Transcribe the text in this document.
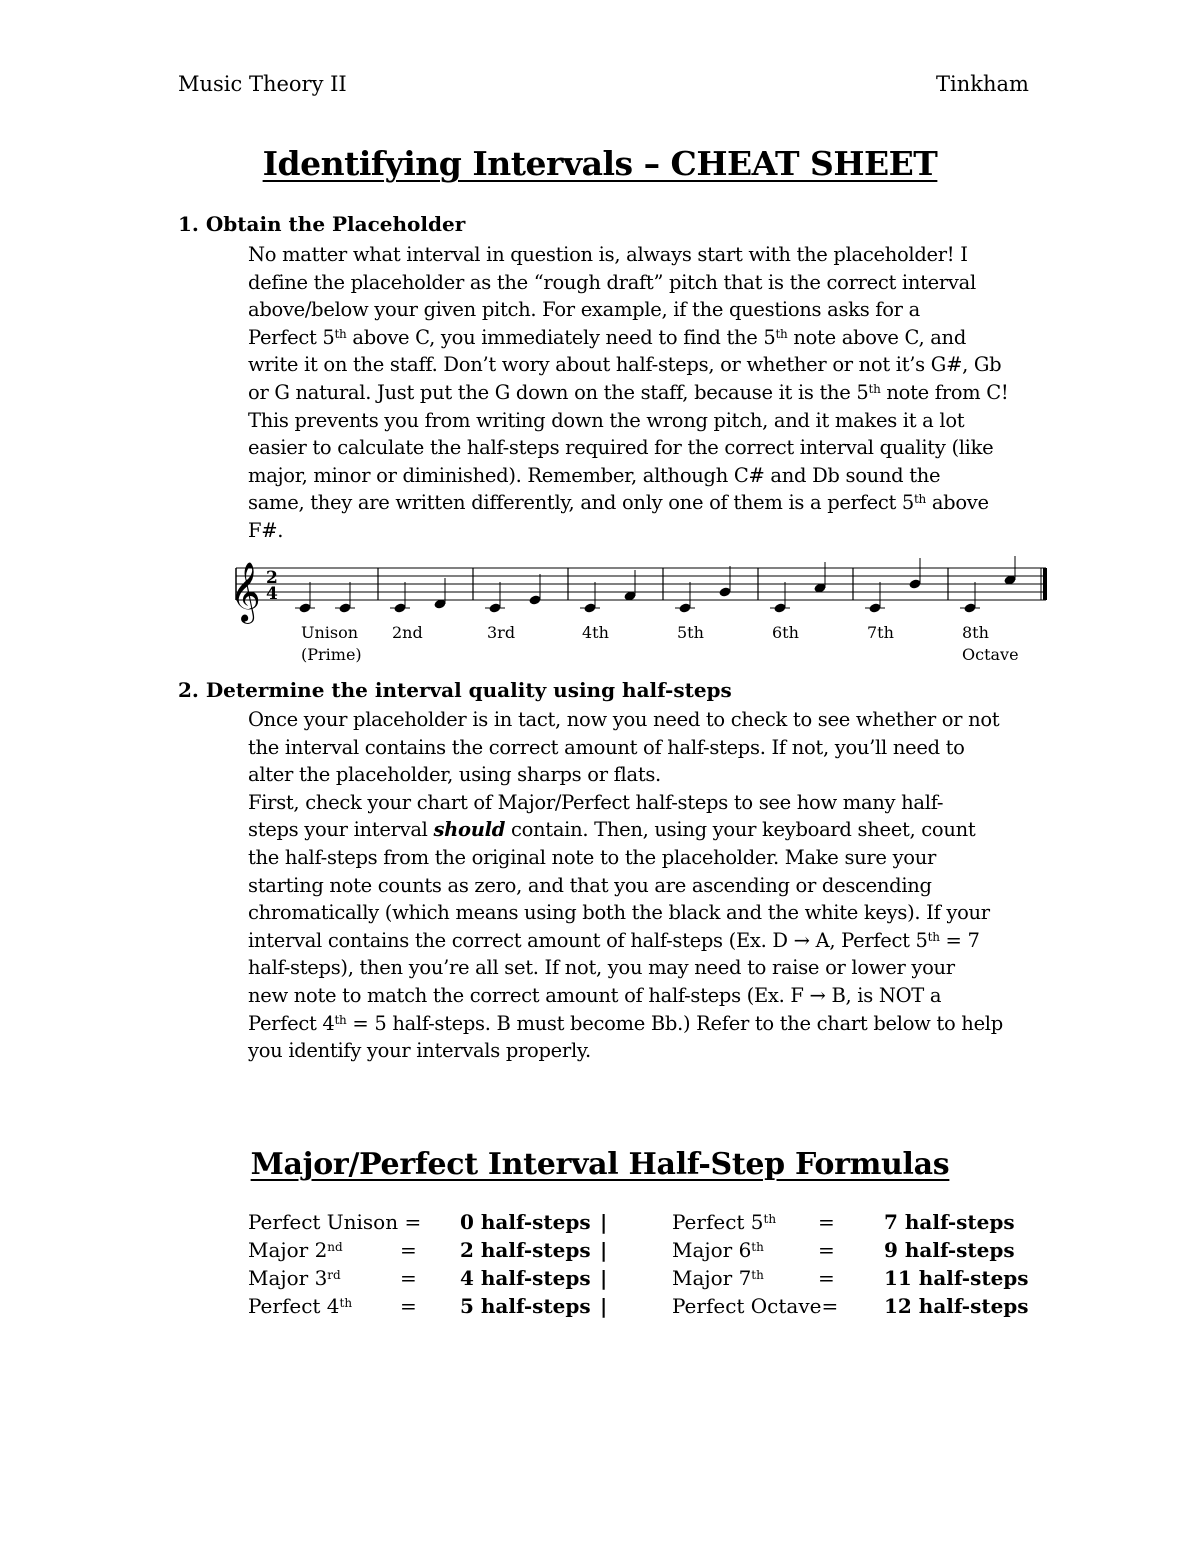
Music Theory II	Tinkham
Identifying Intervals – CHEAT SHEET
1. Obtain the Placeholder
No matter what interval in question is, always start with the placeholder! I
define the placeholder as the “rough draft” pitch that is the correct interval
above/below your given pitch. For example, if the questions asks for a
Perfect 5th above C, you immediately need to find the 5th note above C, and
write it on the staff. Don’t wory about half-steps, or whether or not it’s G#, Gb
or G natural. Just put the G down on the staff, because it is the 5th note from C!
This prevents you from writing down the wrong pitch, and it makes it a lot
easier to calculate the half-steps required for the correct interval quality (like
major, minor or diminished). Remember, although C# and Db sound the
same, they are written differently, and only one of them is a perfect 5th above
F#.
𝄞 2
4
Unison
(Prime)
2nd	3rd	4th	5th	6th	7th	8th
Octave
2. Determine the interval quality using half-steps
Once your placeholder is in tact, now you need to check to see whether or not
the interval contains the correct amount of half-steps. If not, you’ll need to
alter the placeholder, using sharps or flats.
First, check your chart of Major/Perfect half-steps to see how many half-
steps your interval should contain. Then, using your keyboard sheet, count
the half-steps from the original note to the placeholder. Make sure your
starting note counts as zero, and that you are ascending or descending
chromatically (which means using both the black and the white keys). If your
interval contains the correct amount of half-steps (Ex. D → A, Perfect 5th = 7
half-steps), then you’re all set. If not, you may need to raise or lower your
new note to match the correct amount of half-steps (Ex. F → B, is NOT a
Perfect 4th = 5 half-steps. B must become Bb.) Refer to the chart below to help
you identify your intervals properly.
Major/Perfect Interval Half-Step Formulas
Perfect Unison = 0 half-steps |	Perfect 5th = 7 half-steps
Major 2nd	= 2 half-steps |	Major 6th	= 9 half-steps
Major 3rd	= 4 half-steps |	Major 7th	= 11 half-steps
Perfect 4th = 5 half-steps |	Perfect Octave= 12 half-steps
